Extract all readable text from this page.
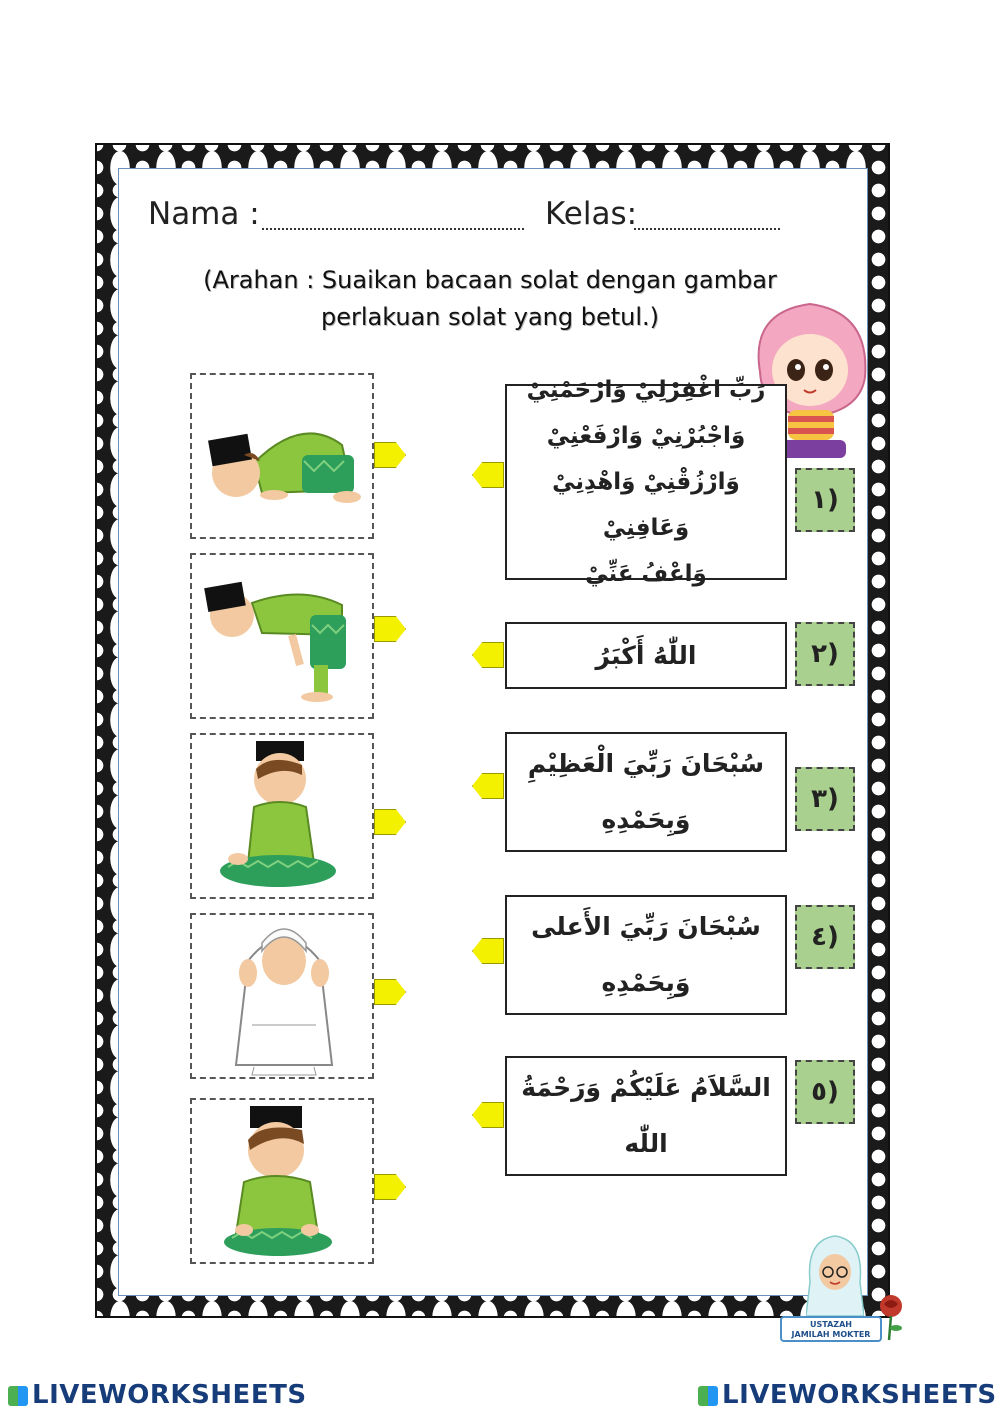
Nama :	Kelas:
(Arahan : Suaikan bacaan solat dengan gambar
perlakuan solat yang betul.)
رَبِّ اغْفِرْلِيْ وَارْحَمْنِيْ
وَاجْبُرْنِيْ وَارْفَعْنِيْ
وَارْزُقْنِيْ وَاهْدِنِيْ وَعَافِنِيْ
وَاعْفُ عَنِّيْ
اللّٰهُ أَكْبَرُ
سُبْحَانَ رَبِّيَ الْعَظِيْمِ
وَبِحَمْدِهِ
سُبْحَانَ رَبِّيَ الأَعلى
وَبِحَمْدِهِ
السَّلاَمُ عَلَيْكُمْ وَرَحْمَةُ
اللّٰه
١)
٢)
٣)
٤)
٥)
USTAZAH
JAMILAH MOKTER
LIVEWORKSHEETS	LIVEWORKSHEETS
